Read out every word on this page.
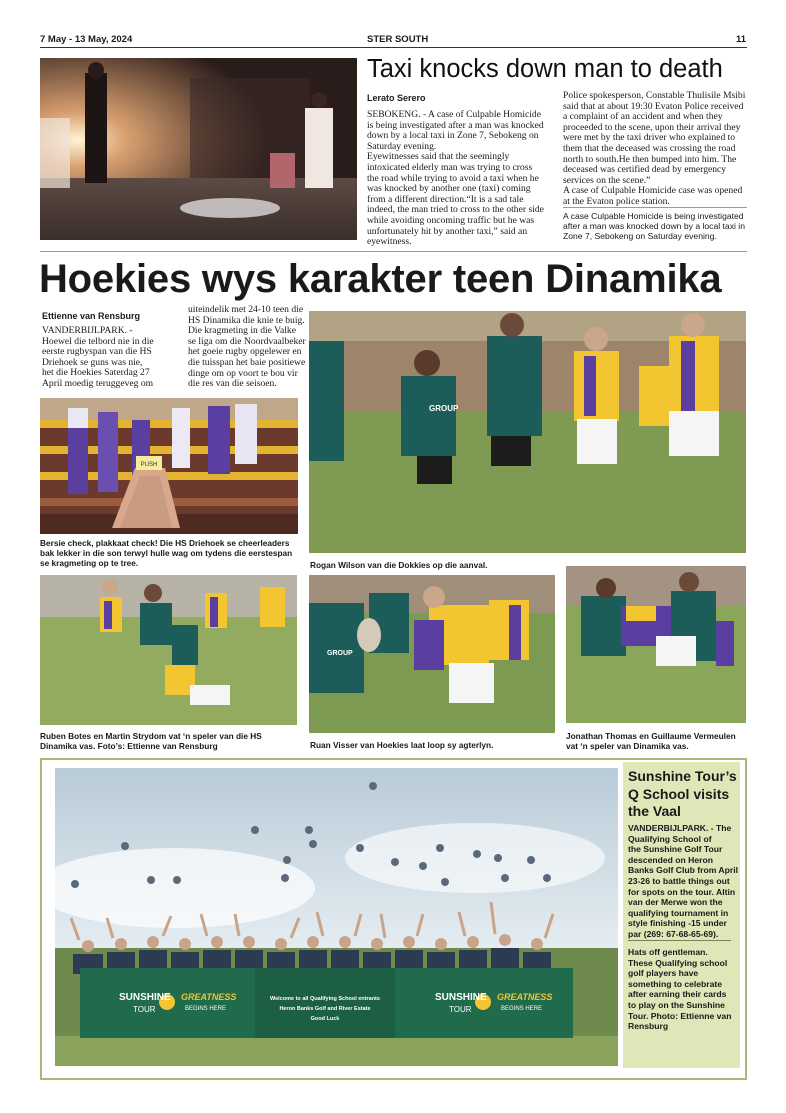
7 May - 13 May, 2024	STER SOUTH	11
Taxi knocks down man to death
Lerato Serero
SEBOKENG. - A case of Culpable Homicide
is being investigated after a man was knocked
down by a local taxi in Zone 7, Sebokeng on
Saturday evening.
Eyewitnesses said that the seemingly
intoxicated elderly man was trying to cross
the road while trying to avoid a taxi when he
was knocked by another one (taxi) coming
from a different direction.“It is a sad tale
indeed, the man tried to cross to the other side
while avoiding oncoming traffic but he was
unfortunately hit by another taxi,” said an
eyewitness.
Police spokesperson, Constable Thulisile Msibi
said that at about 19:30 Evaton Police received
a complaint of an accident and when they
proceeded to the scene, upon their arrival they
were met by the taxi driver who explained to
them that the deceased was crossing the road
north to south.He then bumped into him. The
deceased was certified dead by emergency
services on the scene.”
A case of Culpable Homicide case was opened
at the Evaton police station.
A case Culpable Homicide is being investigated
after a man was knocked down by a local taxi in
Zone 7, Sebokeng on Saturday evening.
Hoekies wys karakter teen Dinamika
Ettienne van Rensburg
VANDERBIJLPARK. -
Hoewel die telbord nie in die
eerste rugbyspan van die HS
Driehoek se guns was nie,
het die Hoekies Saterdag 27
April moedig teruggeveg om
uiteindelik met 24-10 teen die
HS Dinamika die knie te buig.
Die kragmeting in die Valke
se liga om die Noordvaalbeker
het goeie rugby opgelewer en
die tuisspan het baie positiewe
dinge om op voort te bou vir
die res van die seisoen.
PUSH
Bersie check, plakkaat check! Die HS Driehoek se cheerleaders
bak lekker in die son terwyl hulle wag om tydens die eerstespan
se kragmeting op te tree.
GROUP
Rogan Wilson van die Dokkies op die aanval.
GROUP
Ruben Botes en Martin Strydom vat ‘n speler van die HS
Dinamika vas. Foto’s: Ettienne van Rensburg	Ruan Visser van Hoekies laat loop sy agterlyn.
Jonathan Thomas en Guillaume Vermeulen
vat ‘n speler van Dinamika vas.
SUNSHINE
TOUR
GREATNESS
BEGINS HERE
SUNSHINE
TOUR
GREATNESS
BEGINS HERE
Welcome to all Qualifying School entrants
Heron Banks Golf and River Estate
Good Luck
Sunshine Tour’s
Q School visits
the Vaal
VANDERBIJLPARK. - The
Qualifying School of
the Sunshine Golf Tour
descended on Heron
Banks Golf Club from April
23-26 to battle things out
for spots on the tour. Altin
van der Merwe won the
qualifying tournament in
style finishing -15 under
par (269: 67-68-65-69).
Hats off gentleman.
These Qualifying school
golf players have
something to celebrate
after earning their cards
to play on the Sunshine
Tour. Photo: Ettienne van
Rensburg
